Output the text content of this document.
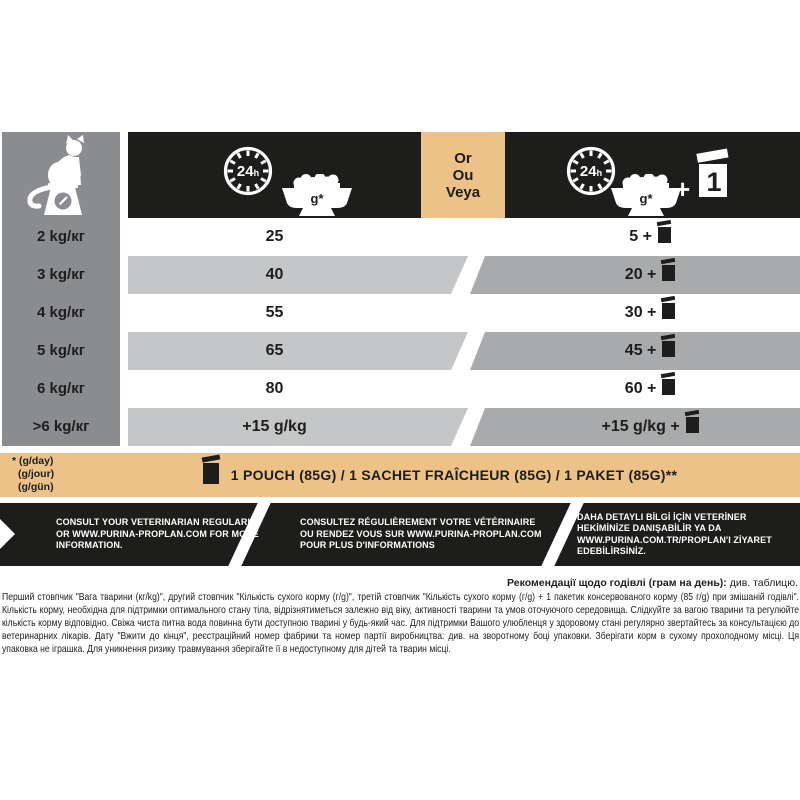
24h
g*
Or
Ou
Veya
24h
g* + 1
2 kg/кг	25	5 +
3 kg/кг	40	20 +
4 kg/кг	55	30 +
5 kg/кг	65	45 +
6 kg/кг	80	60 +
>6 kg/кг	+15 g/kg	+15 g/kg +
* (g/day)
(g/jour)
(g/gün)
1 POUCH (85G) / 1 SACHET FRAÎCHEUR (85G) / 1 PAKET (85G)**
CONSULT YOUR VETERINARIAN REGULARLY OR WWW.PURINA-PROPLAN.COM FOR MORE INFORMATION.
CONSULTEZ RÉGULIÈREMENT VOTRE VÉTÉRINAIRE OU RENDEZ VOUS SUR WWW.PURINA-PROPLAN.COM POUR PLUS D'INFORMATIONS
DAHA DETAYLI BİLGİ İÇİN VETERİNER HEKİMİNİZE DANIŞABİLİR YA DA WWW.PURINA.COM.TR/PROPLAN'I ZİYARET EDEBİLİRSİNİZ.
Рекомендації щодо годівлі (грам на день): див. таблицю.
Перший стовпчик "Вага тварини (кг/kg)", другий стовпчик "Кількість сухого корму (г/g)", третій стовпчик "Кількість сухого корму (г/g) + 1 пакетик консервованого корму (85 г/g) при змішаній годівлі". Кількість корму, необхідна для підтримки оптимального стану тіла, відрізнятиметься залежно від віку, активності тварини та умов оточуючого середовища. Слідкуйте за вагою тварини та регулюйте кількість корму відповідно. Свіжа чиста питна вода повинна бути доступною тварині у будь-який час. Для підтримки Вашого улюбленця у здоровому стані регулярно звертайтесь за консультацією до ветеринарних лікарів. Дату "Вжити до кінця", реєстраційний номер фабрики та номер партії виробництва: див. на зворотному боці упаковки. Зберігати корм в сухому прохолодному місці. Ця упаковка не іграшка. Для уникнення ризику травмування зберігайте її в недоступному для дітей та тварин місці.
